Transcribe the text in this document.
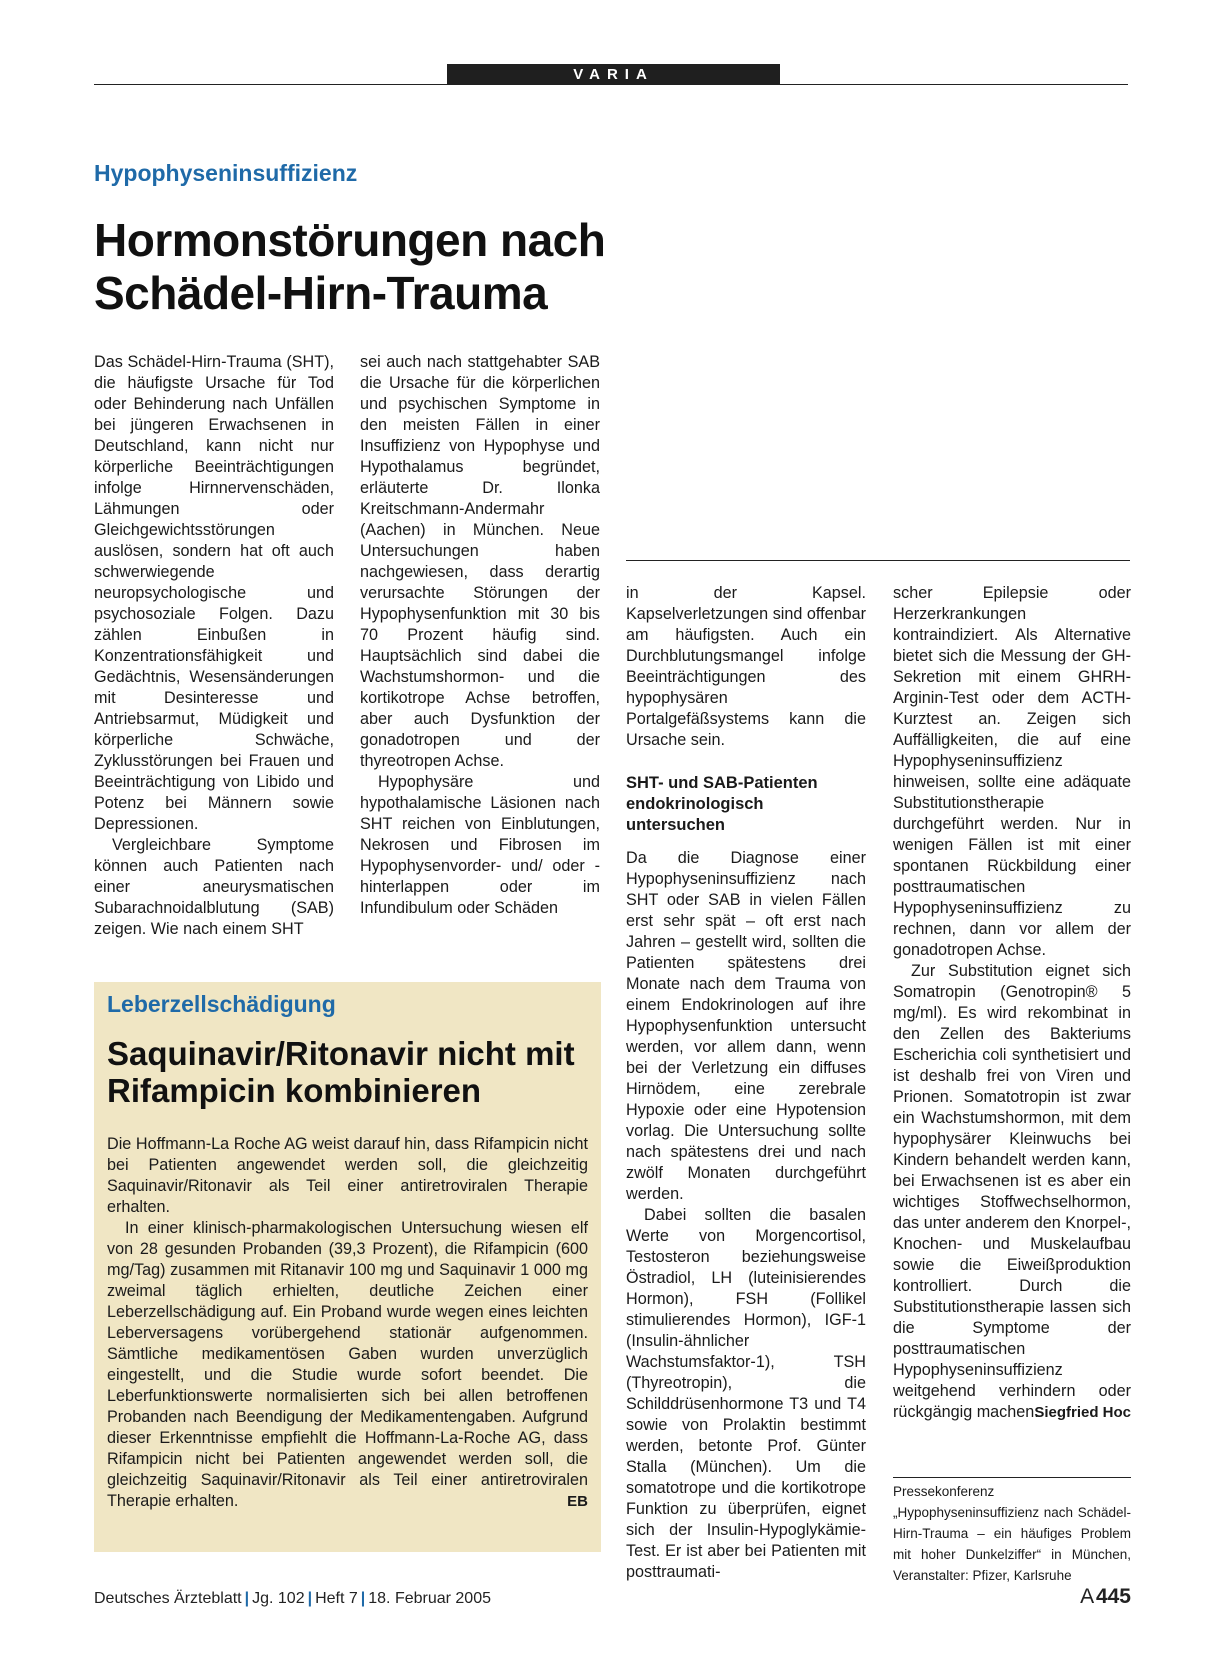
VARIA
Hypophyseninsuffizienz
Hormonstörungen nach
Schädel-Hirn-Trauma

Das Schädel-Hirn-Trauma (SHT), die häufigste Ursache für Tod oder Behinderung nach Unfällen bei jüngeren Erwachsenen in Deutschland, kann nicht nur körperliche Beeinträchtigungen infolge Hirnnervenschäden, Lähmungen oder Gleichgewichtsstörungen auslösen, sondern hat oft auch schwerwiegende neuropsychologische und psychosoziale Folgen. Dazu zählen Einbußen in Konzentrationsfähigkeit und Gedächtnis, Wesensänderungen mit Desinteresse und Antriebsarmut, Müdigkeit und körperliche Schwäche, Zyklusstörungen bei Frauen und Beeinträchtigung von Libido und Potenz bei Männern sowie Depressionen.

Vergleichbare Symptome können auch Patienten nach einer aneurysmatischen Subarachnoidalblutung (SAB) zeigen. Wie nach einem SHT

sei auch nach stattgehabter SAB die Ursache für die körperlichen und psychischen Symptome in den meisten Fällen in einer Insuffizienz von Hypophyse und Hypothalamus begründet, erläuterte Dr. Ilonka Kreitschmann-Andermahr (Aachen) in München. Neue Untersuchungen haben nachgewiesen, dass derartig verursachte Störungen der Hypophysenfunktion mit 30 bis 70 Prozent häufig sind. Hauptsächlich sind dabei die Wachstumshormon- und die kortikotrope Achse betroffen, aber auch Dysfunktion der gonadotropen und der thyreotropen Achse.

Hypophysäre und hypothalamische Läsionen nach SHT reichen von Einblutungen, Nekrosen und Fibrosen im Hypophysenvorder- und/ oder -hinterlappen oder im Infundibulum oder Schäden

in der Kapsel. Kapselverletzungen sind offenbar am häufigsten. Auch ein Durchblutungsmangel infolge Beeinträchtigungen des hypophysären Portalgefäßsystems kann die Ursache sein.

SHT- und SAB-Patienten
endokrinologisch untersuchen

Da die Diagnose einer Hypophyseninsuffizienz nach SHT oder SAB in vielen Fällen erst sehr spät – oft erst nach Jahren – gestellt wird, sollten die Patienten spätestens drei Monate nach dem Trauma von einem Endokrinologen auf ihre Hypophysenfunktion untersucht werden, vor allem dann, wenn bei der Verletzung ein diffuses Hirnödem, eine zerebrale Hypoxie oder eine Hypotension vorlag. Die Untersuchung sollte nach spätestens drei und nach zwölf Monaten durchgeführt werden.

Dabei sollten die basalen Werte von Morgencortisol, Testosteron beziehungsweise Östradiol, LH (luteinisierendes Hormon), FSH (Follikel stimulierendes Hormon), IGF-1 (Insulin-ähnlicher Wachstumsfaktor-1), TSH (Thyreotropin), die Schilddrüsenhormone T3 und T4 sowie von Prolaktin bestimmt werden, betonte Prof. Günter Stalla (München). Um die somatotrope und die kortikotrope Funktion zu überprüfen, eignet sich der Insulin-Hypoglykämie-Test. Er ist aber bei Patienten mit posttraumati-

scher Epilepsie oder Herzerkrankungen kontraindiziert. Als Alternative bietet sich die Messung der GH-Sekretion mit einem GHRH-Arginin-Test oder dem ACTH-Kurztest an. Zeigen sich Auffälligkeiten, die auf eine Hypophyseninsuffizienz hinweisen, sollte eine adäquate Substitutionstherapie durchgeführt werden. Nur in wenigen Fällen ist mit einer spontanen Rückbildung einer posttraumatischen Hypophyseninsuffizienz zu rechnen, dann vor allem der gonadotropen Achse.

Zur Substitution eignet sich Somatropin (Genotropin® 5 mg/ml). Es wird rekombinat in den Zellen des Bakteriums Escherichia coli synthetisiert und ist deshalb frei von Viren und Prionen. Somatotropin ist zwar ein Wachstumshormon, mit dem hypophysärer Kleinwuchs bei Kindern behandelt werden kann, bei Erwachsenen ist es aber ein wichtiges Stoffwechselhormon, das unter anderem den Knorpel-, Knochen- und Muskelaufbau sowie die Eiweißproduktion kontrolliert. Durch die Substitutionstherapie lassen sich die Symptome der posttraumatischen Hypophyseninsuffizienz weitgehend verhindern oder rückgängig machen.

Siegfried Hoc
Pressekonferenz „Hypophyseninsuffizienz nach Schädel-Hirn-Trauma – ein häufiges Problem mit hoher Dunkelziffer“ in München, Veranstalter: Pfizer, Karlsruhe
Leberzellschädigung
Saquinavir/Ritonavir nicht mit
Rifampicin kombinieren

Die Hoffmann-La Roche AG weist darauf hin, dass Rifampicin nicht bei Patienten angewendet werden soll, die gleichzeitig Saquinavir/Ritonavir als Teil einer antiretroviralen Therapie erhalten.

In einer klinisch-pharmakologischen Untersuchung wiesen elf von 28 gesunden Probanden (39,3 Prozent), die Rifampicin (600 mg/Tag) zusammen mit Ritanavir 100 mg und Saquinavir 1 000 mg zweimal täglich erhielten, deutliche Zeichen einer Leberzellschädigung auf. Ein Proband wurde wegen eines leichten Leberversagens vorübergehend stationär aufgenommen. Sämtliche medikamentösen Gaben wurden unverzüglich eingestellt, und die Studie wurde sofort beendet. Die Leberfunktionswerte normalisierten sich bei allen betroffenen Probanden nach Beendigung der Medikamentengaben. Aufgrund dieser Erkenntnisse empfiehlt die Hoffmann-La-Roche AG, dass Rifampicin nicht bei Patienten angewendet werden soll, die gleichzeitig Saquinavir/Ritonavir als Teil einer antiretroviralen Therapie erhalten.	EB
Deutsches Ärzteblatt | Jg. 102 | Heft 7 | 18. Februar 2005	A 445
